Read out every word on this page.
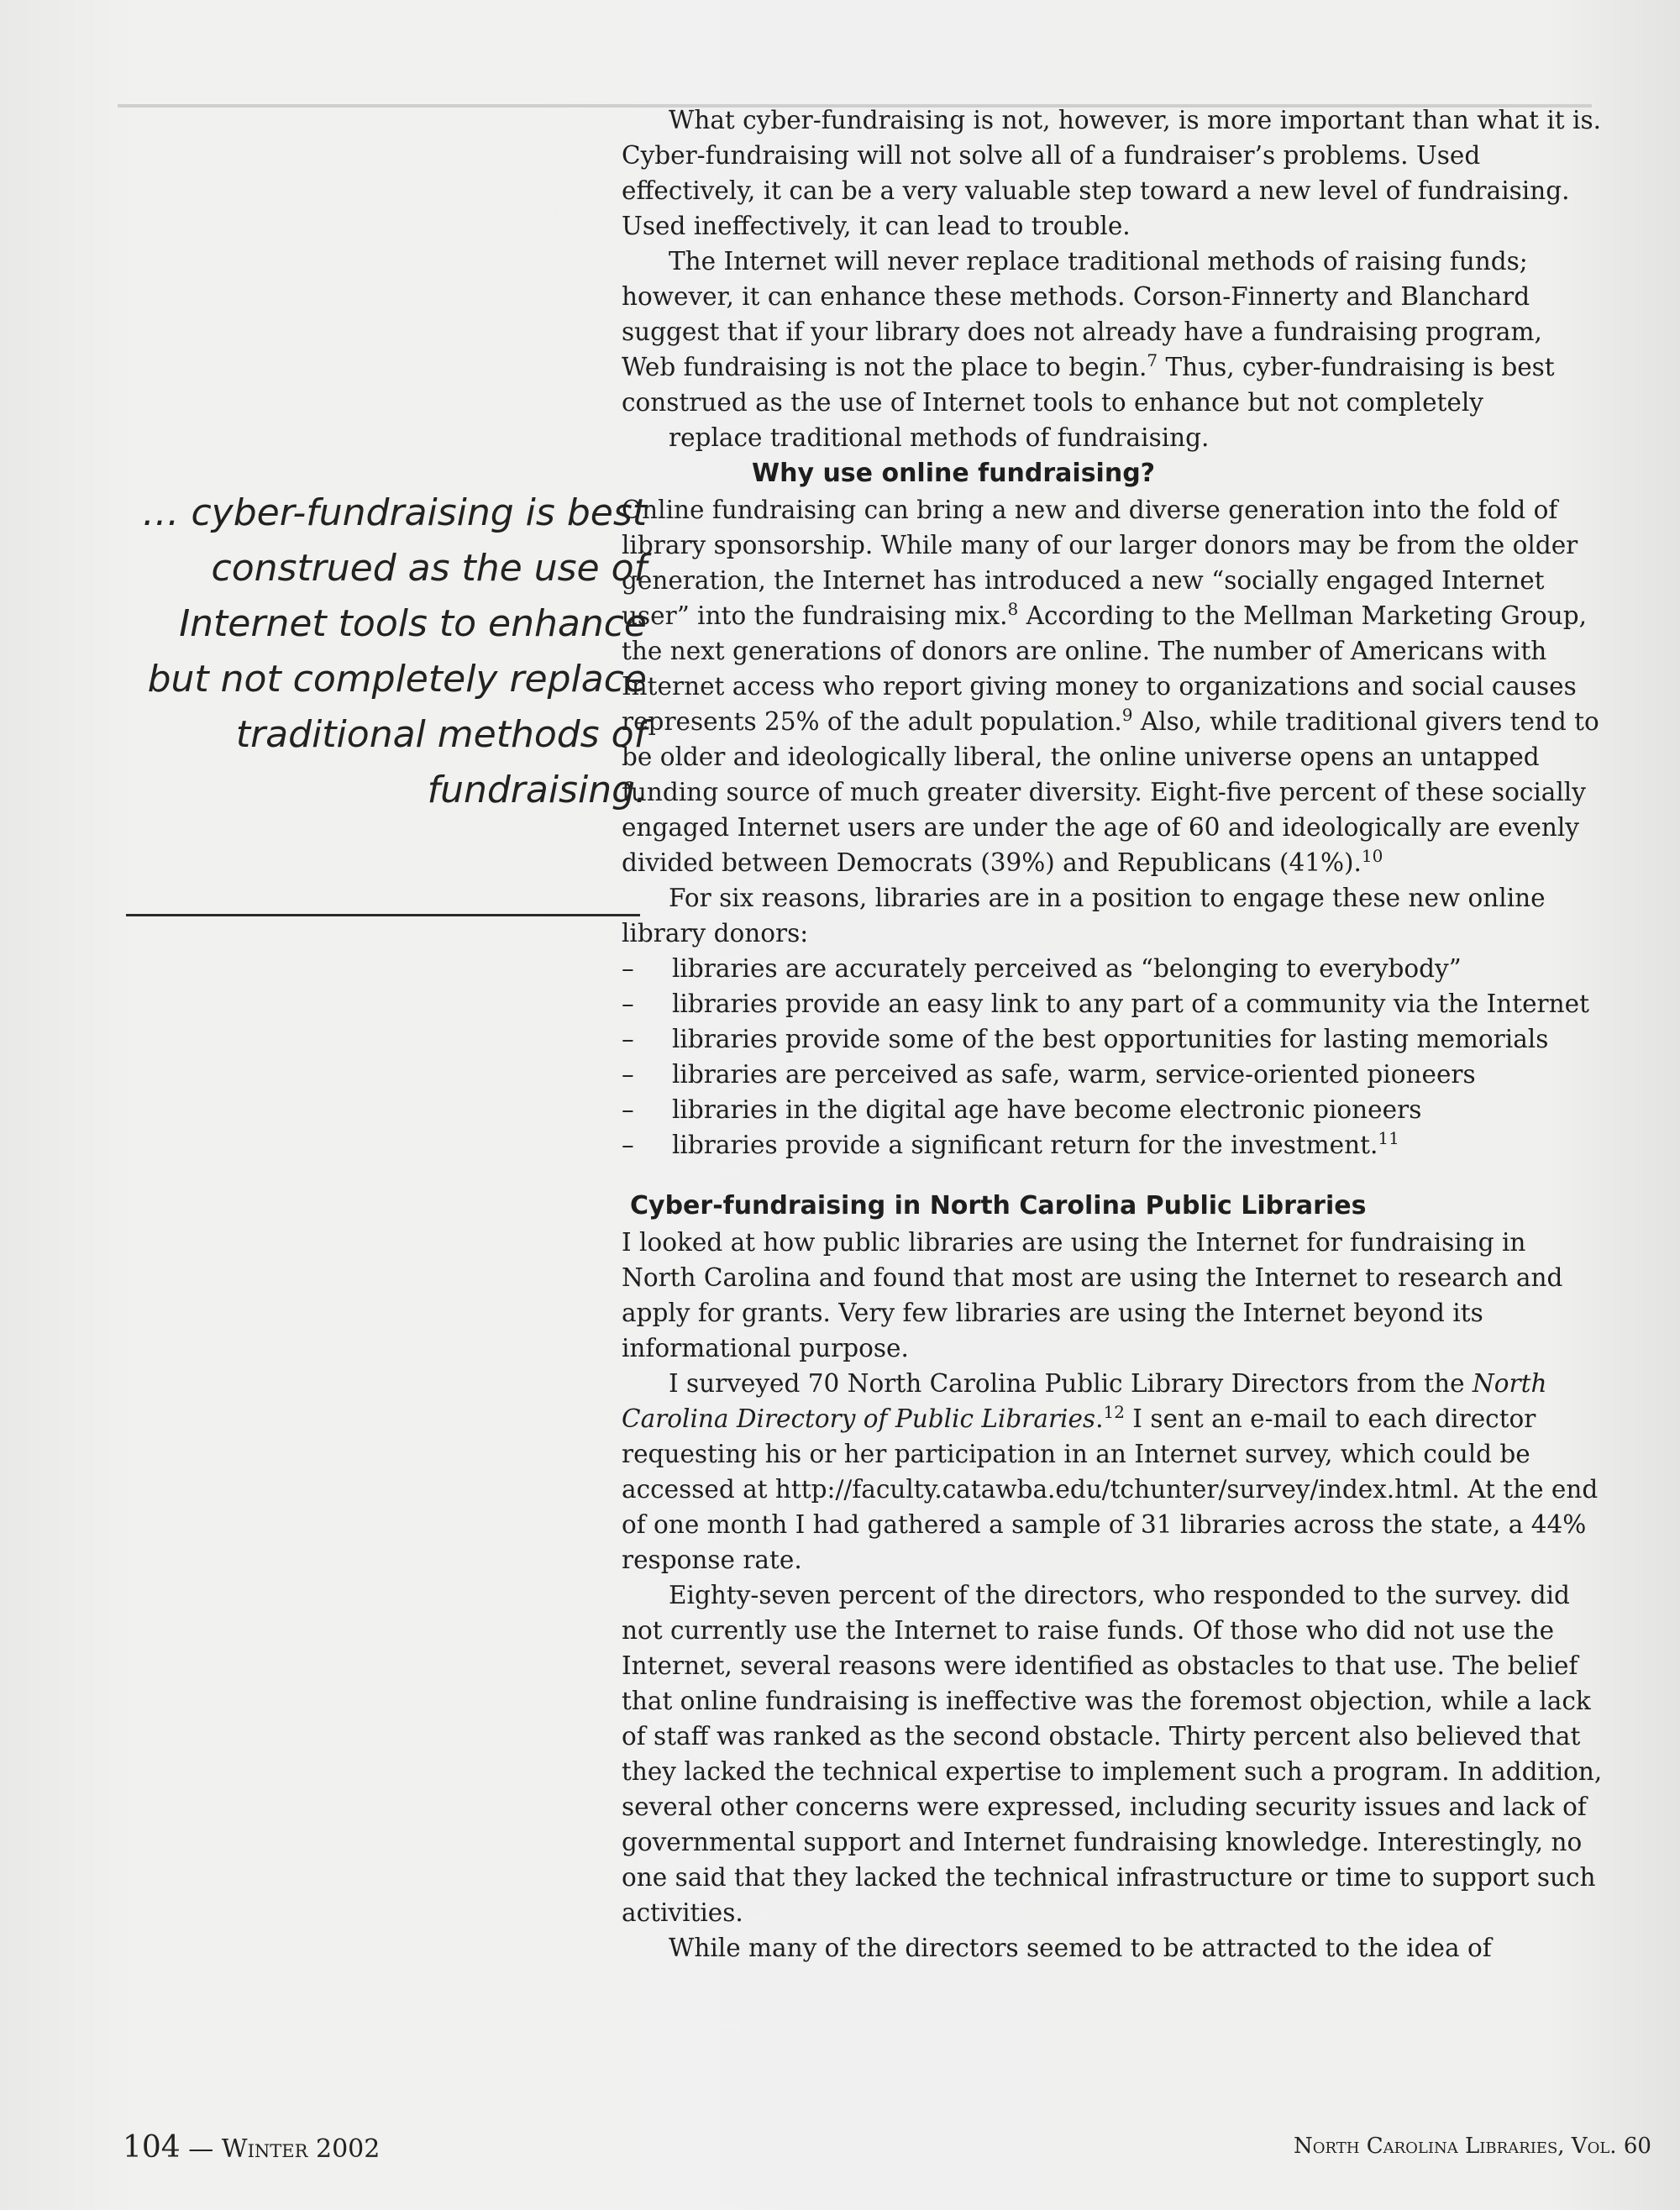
What cyber-fundraising is not, however, is more important than what it is. Cyber-fundraising will not solve all of a fundraiser’s problems. Used effectively, it can be a very valuable step toward a new level of fundraising. Used ineffectively, it can lead to trouble.

The Internet will never replace traditional methods of raising funds; however, it can enhance these methods. Corson-Finnerty and Blanchard suggest that if your library does not already have a fundraising program, Web fundraising is not the place to begin.$^7$ Thus, cyber-fundraising is best construed as the use of Internet tools to enhance but not completely

replace traditional methods of fundraising.

Why use online fundraising?

Online fundraising can bring a new and diverse generation into the fold of library sponsorship. While many of our larger donors may be from the older generation, the Internet has introduced a new “socially engaged Internet user” into the fundraising mix.$^8$ According to the Mellman Marketing Group, the next generations of donors are online. The number of Americans with Internet access who report giving money to organizations and social causes represents 25% of the adult population.$^9$ Also, while traditional givers tend to be older and ideologically liberal, the online universe opens an untapped funding source of much greater diversity. Eight-five percent of these socially engaged Internet users are under the age of 60 and ideologically are evenly divided between Democrats (39%) and Republicans (41%).$^{10}$

For six reasons, libraries are in a position to engage these new online library donors:

– libraries are accurately perceived as “belonging to everybody”
– libraries provide an easy link to any part of a community via the Internet
– libraries provide some of the best opportunities for lasting memorials
– libraries are perceived as safe, warm, service-oriented pioneers
– libraries in the digital age have become electronic pioneers
– libraries provide a significant return for the investment.$^{11}$
Cyber-fundraising in North Carolina Public Libraries

I looked at how public libraries are using the Internet for fundraising in North Carolina and found that most are using the Internet to research and apply for grants. Very few libraries are using the Internet beyond its informational purpose.

I surveyed 70 North Carolina Public Library Directors from the North Carolina Directory of Public Libraries.$^{12}$ I sent an e-mail to each director requesting his or her participation in an Internet survey, which could be accessed at http://faculty.catawba.edu/tchunter/survey/index.html. At the end of one month I had gathered a sample of 31 libraries across the state, a 44% response rate.

Eighty-seven percent of the directors, who responded to the survey. did not currently use the Internet to raise funds. Of those who did not use the Internet, several reasons were identified as obstacles to that use. The belief that online fundraising is ineffective was the foremost objection, while a lack of staff was ranked as the second obstacle. Thirty percent also believed that they lacked the technical expertise to implement such a program. In addition, several other concerns were expressed, including security issues and lack of governmental support and Internet fundraising knowledge. Interestingly, no one said that they lacked the technical infrastructure or time to support such activities.

While many of the directors seemed to be attracted to the idea of

… cyber-fundraising is best construed as the use of Internet tools to enhance but not completely replace traditional methods of fundraising.
104 — Winter 2002	North Carolina Libraries, Vol. 60
